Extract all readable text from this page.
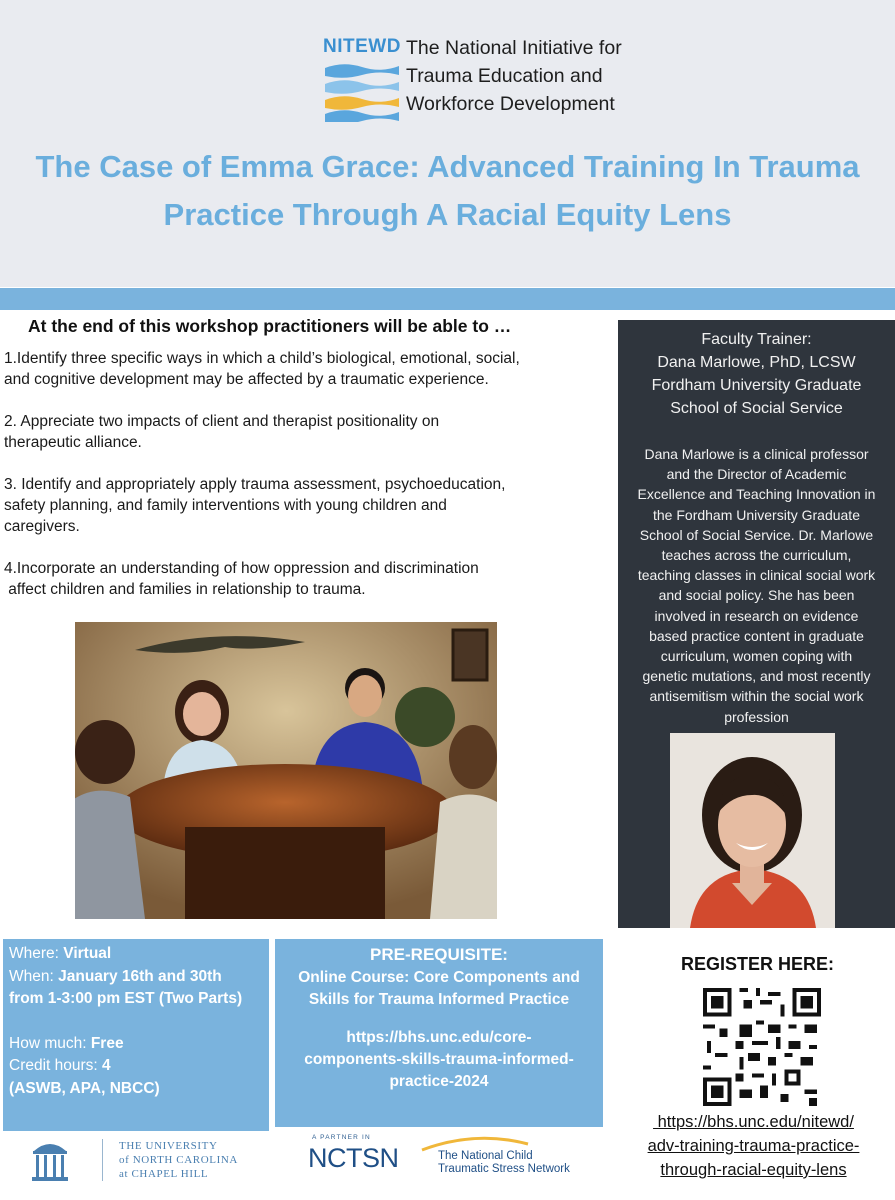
NITEWD The National Initiative for
Trauma Education and
Workforce Development
The Case of Emma Grace: Advanced Training In Trauma
Practice Through A Racial Equity Lens
At the end of this workshop practitioners will be able to …
1.Identify three specific ways in which a child’s biological, emotional, social,
and cognitive development may be affected by a traumatic experience.
2. Appreciate two impacts of client and therapist positionality on
therapeutic alliance.
3. Identify and appropriately apply trauma assessment, psychoeducation,
safety planning, and family interventions with young children and
caregivers.
4.Incorporate an understanding of how oppression and discrimination
affect children and families in relationship to trauma.
Faculty Trainer:
Dana Marlowe, PhD, LCSW
Fordham University Graduate
School of Social Service
Dana Marlowe is a clinical professor
and the Director of Academic
Excellence and Teaching Innovation in
the Fordham University Graduate
School of Social Service. Dr. Marlowe
teaches across the curriculum,
teaching classes in clinical social work
and social policy. She has been
involved in research on evidence
based practice content in graduate
curriculum, women coping with
genetic mutations, and most recently
antisemitism within the social work
profession
Where: Virtual
When: January 16th and 30th
from 1-3:00 pm EST (Two Parts)
How much: Free
Credit hours: 4
(ASWB, APA, NBCC)
PRE-REQUISITE:
Online Course: Core Components and
Skills for Trauma Informed Practice
https://bhs.unc.edu/core-
components-skills-trauma-informed-
practice-2024
REGISTER HERE:
https://bhs.unc.edu/nitewd/
adv-training-trauma-practice-
through-racial-equity-lens
THE UNIVERSITY
of NORTH CAROLINA
at CHAPEL HILL
A PARTNER IN
NCTSN	The National Child
Traumatic Stress Network
